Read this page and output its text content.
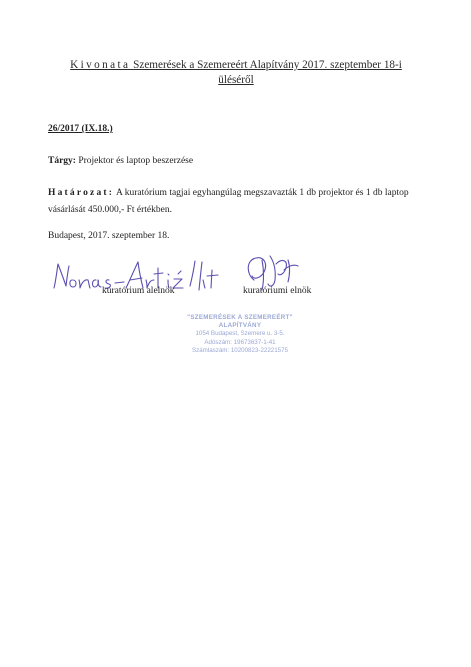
Kivonata Szemerések a Szemereért Alapítvány 2017. szeptember 18-i
üléséről
26/2017 (IX.18.)
Tárgy: Projektor és laptop beszerzése
Határozat: A kuratórium tagjai egyhangúlag megszavazták 1 db projektor és 1 db laptop vásárlását 450.000,- Ft értékben.
Budapest, 2017. szeptember 18.
kuratórium alelnök	kuratóriumi elnök
"SZEMERÉSEK A SZEMEREÉRT"
ALAPÍTVÁNY
1054 Budapest, Szemere u. 3-5.
Adószám: 19673637-1-41
Számlaszám: 10200823-22221575
